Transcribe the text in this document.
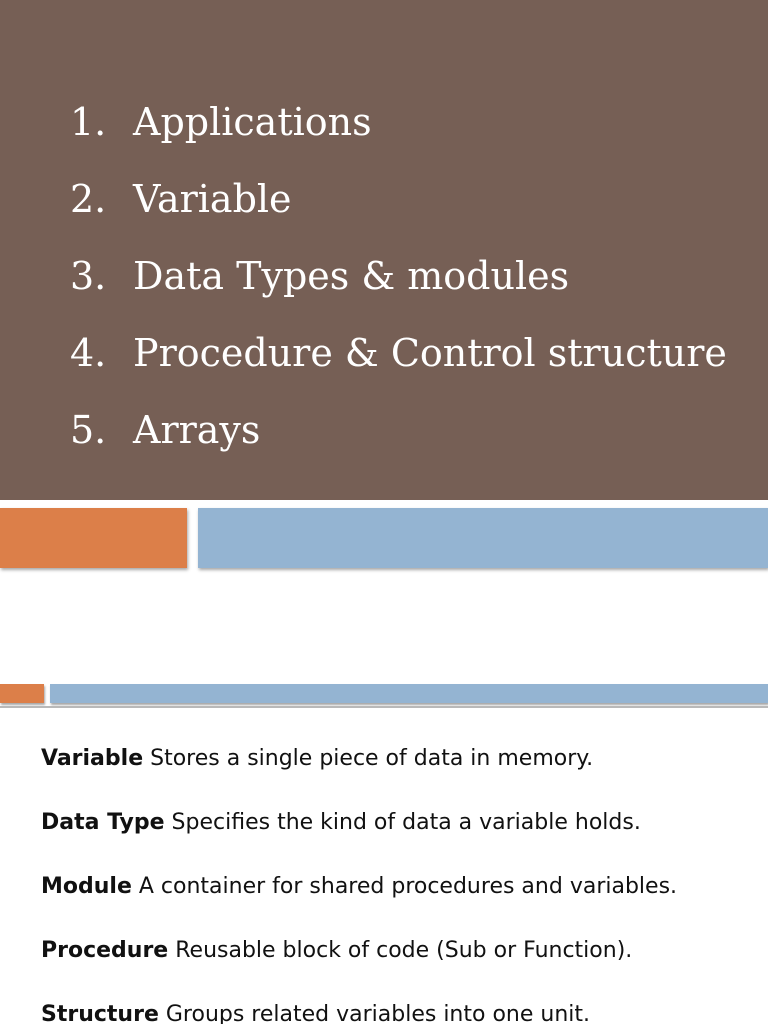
1. Applications
2. Variable
3. Data Types & modules
4. Procedure & Control structure
5. Arrays
Variable Stores a single piece of data in memory.
Data Type Specifies the kind of data a variable holds.
Module A container for shared procedures and variables.
Procedure Reusable block of code (Sub or Function).
Structure Groups related variables into one unit.
